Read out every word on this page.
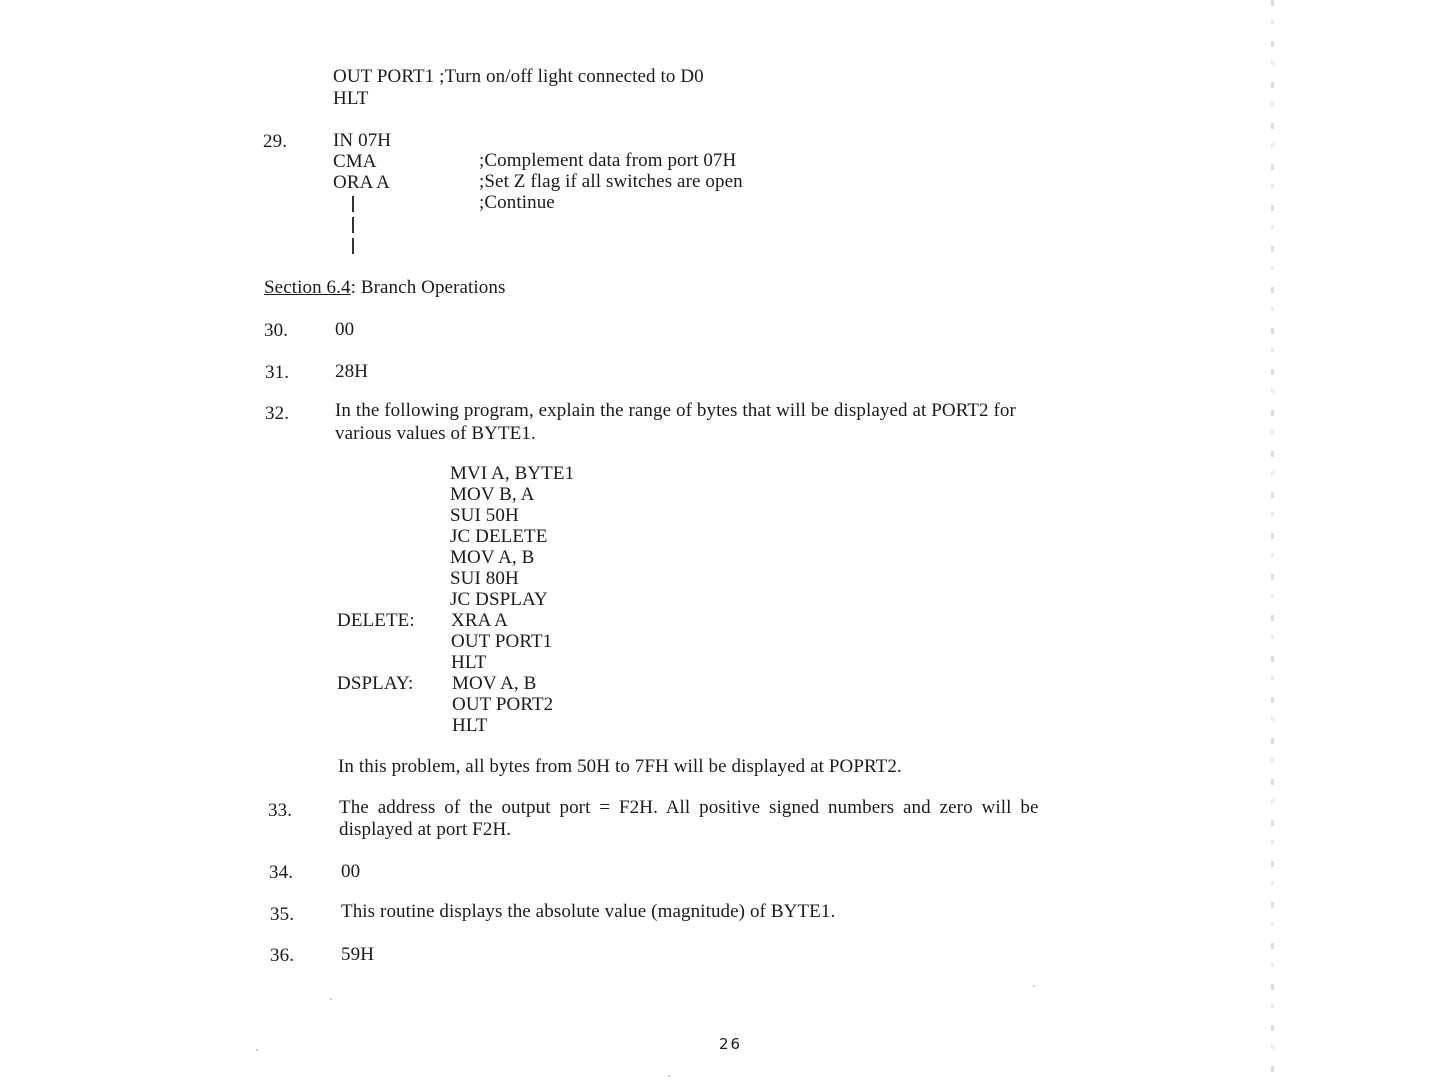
OUT PORT1 ;Turn on/off light connected to D0
HLT
29. IN 07H
CMA	;Complement data from port 07H
ORA A	;Set Z flag if all switches are open
;Continue
Section 6.4: Branch Operations
30. 00
31. 28H
32. In the following program, explain the range of bytes that will be displayed at PORT2 for
various values of BYTE1.
MVI A, BYTE1
MOV B, A
SUI 50H
JC DELETE
MOV A, B
SUI 80H
JC DSPLAY
DELETE: XRA A
OUT PORT1
HLT
DSPLAY: MOV A, B
OUT PORT2
HLT
In this problem, all bytes from 50H to 7FH will be displayed at POPRT2.
33. The address of the output port = F2H. All positive signed numbers and zero will be
displayed at port F2H.
34.	00
35. This routine displays the absolute value (magnitude) of BYTE1.
36. 59H
26
